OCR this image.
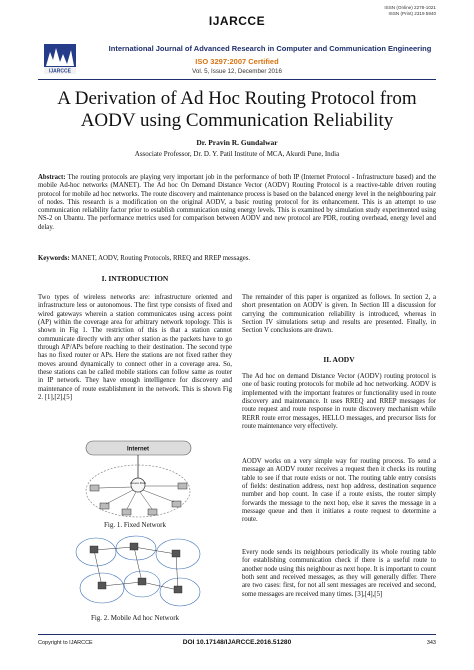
ISSN (Online) 2278-1021
ISSN (Print) 2319 5940
IJARCCE
IJARCCE
International Journal of Advanced Research in Computer and Communication Engineering
ISO 3297:2007 Certified
Vol. 5, Issue 12, December 2016
A Derivation of Ad Hoc Routing Protocol from
AODV using Communication Reliability
Dr. Pravin R. Gundalwar
Associate Professor, Dr. D. Y. Patil Institute of MCA, Akurdi Pune, India
Abstract: The routing protocols are playing very important job in the performance of both IP (Internet Protocol - Infrastructure based) and the mobile Ad-hoc networks (MANET). The Ad hoc On Demand Distance Vector (AODV) Routing Protocol is a reactive-table driven routing protocol for mobile ad hoc networks. The route discovery and maintenance process is based on the balanced energy level in the neighbouring pair of nodes. This research is a modification on the original AODV, a basic routing protocol for its enhancement. This is an attempt to use communication reliability factor prior to establish communication using energy levels. This is examined by simulation study experimented using NS-2 on Ubantu. The performance metrics used for comparison between AODV and new protocol are PDR, routing overhead, energy level and delay.
Keywords: MANET, AODV, Routing Protocols, RREQ and RREP messages.
I. INTRODUCTION
Two types of wireless networks are: infrastructure oriented and infrastructure less or autonomous. The first type consists of fixed and wired gateways wherein a station communicates using access point (AP) within the coverage area for arbitrary network topology. This is shown in Fig 1. The restriction of this is that a station cannot communicate directly with any other station as the packets have to go through AP/APs before reaching to their destination. The second type has no fixed router or APs. Here the stations are not fixed rather they moves around dynamically to connect other in a coverage area. So, these stations can be called mobile stations can follow same as router in IP network. They have enough intelligence for discovery and maintenance of route establishment in the network. This is shown Fig 2. [1],[2],[5]
Internet
Access Point
Fig. 1. Fixed Network
Fig. 2. Mobile Ad hoc Network
The remainder of this paper is organized as follows. In section 2, a short presentation on AODV is given. In Section III a discussion for carrying the communication reliability is introduced, whereas in Section IV simulations setup and results are presented. Finally, in Section V conclusions are drawn.
II. AODV
The Ad hoc on demand Distance Vector (AODV) routing protocol is one of basic routing protocols for mobile ad hoc networking. AODV is implemented with the important features or functionality used in route discovery and maintenance. It uses RREQ and RREP messages for route request and route response in route discovery mechanism while RERR route error messages, HELLO messages, and precursor lists for route maintenance very effectively.
AODV works on a very simple way for routing process. To send a message an AODV router receives a request then it checks its routing table to see if that route exists or not. The routing table entry consists of fields: destination address, next hop address, destination sequence number and hop count. In case if a route exists, the router simply forwards the message to the next hop, else it saves the message in a message queue and then it initiates a route request to determine a route.
Every node sends its neighbours periodically its whole routing table for establishing communication check if there is a useful route to another node using this neighbour as next hope. It is important to count both sent and received messages, as they will generally differ. There are two cases: first, for not all sent messages are received and second, some messages are received many times. [3],[4],[5]
Copyright to IJARCCE	DOI 10.17148/IJARCCE.2016.51280	343
